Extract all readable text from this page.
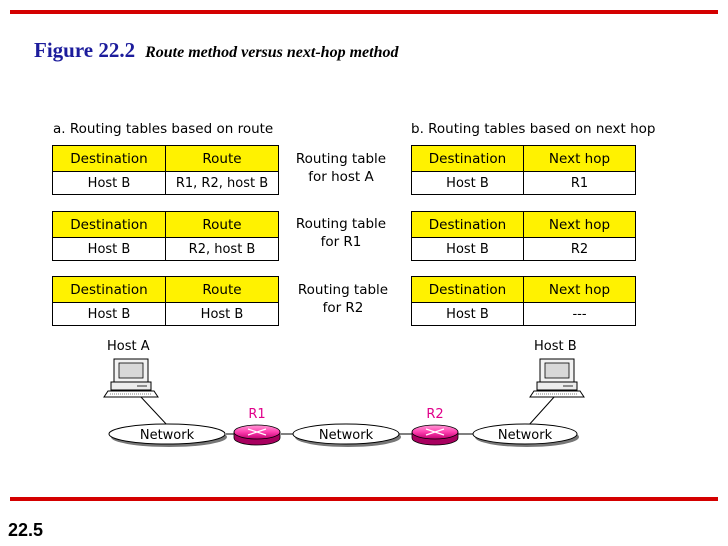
Figure 22.2 Route method versus next-hop method
a. Routing tables based on route	b. Routing tables based on next hop
Destination	Route
Host B	R1, R2, host B
Routing table
for host A
Destination	Next hop
Host B	R1
Destination	Route
Host B	R2, host B
Routing table
for R1
Destination	Next hop
Host B	R2
Destination	Route
Host B	Host B
Routing table
for R2
Destination	Next hop
Host B	---
Host A	Host B
Network	Network	Network
R1	R2
22.5
